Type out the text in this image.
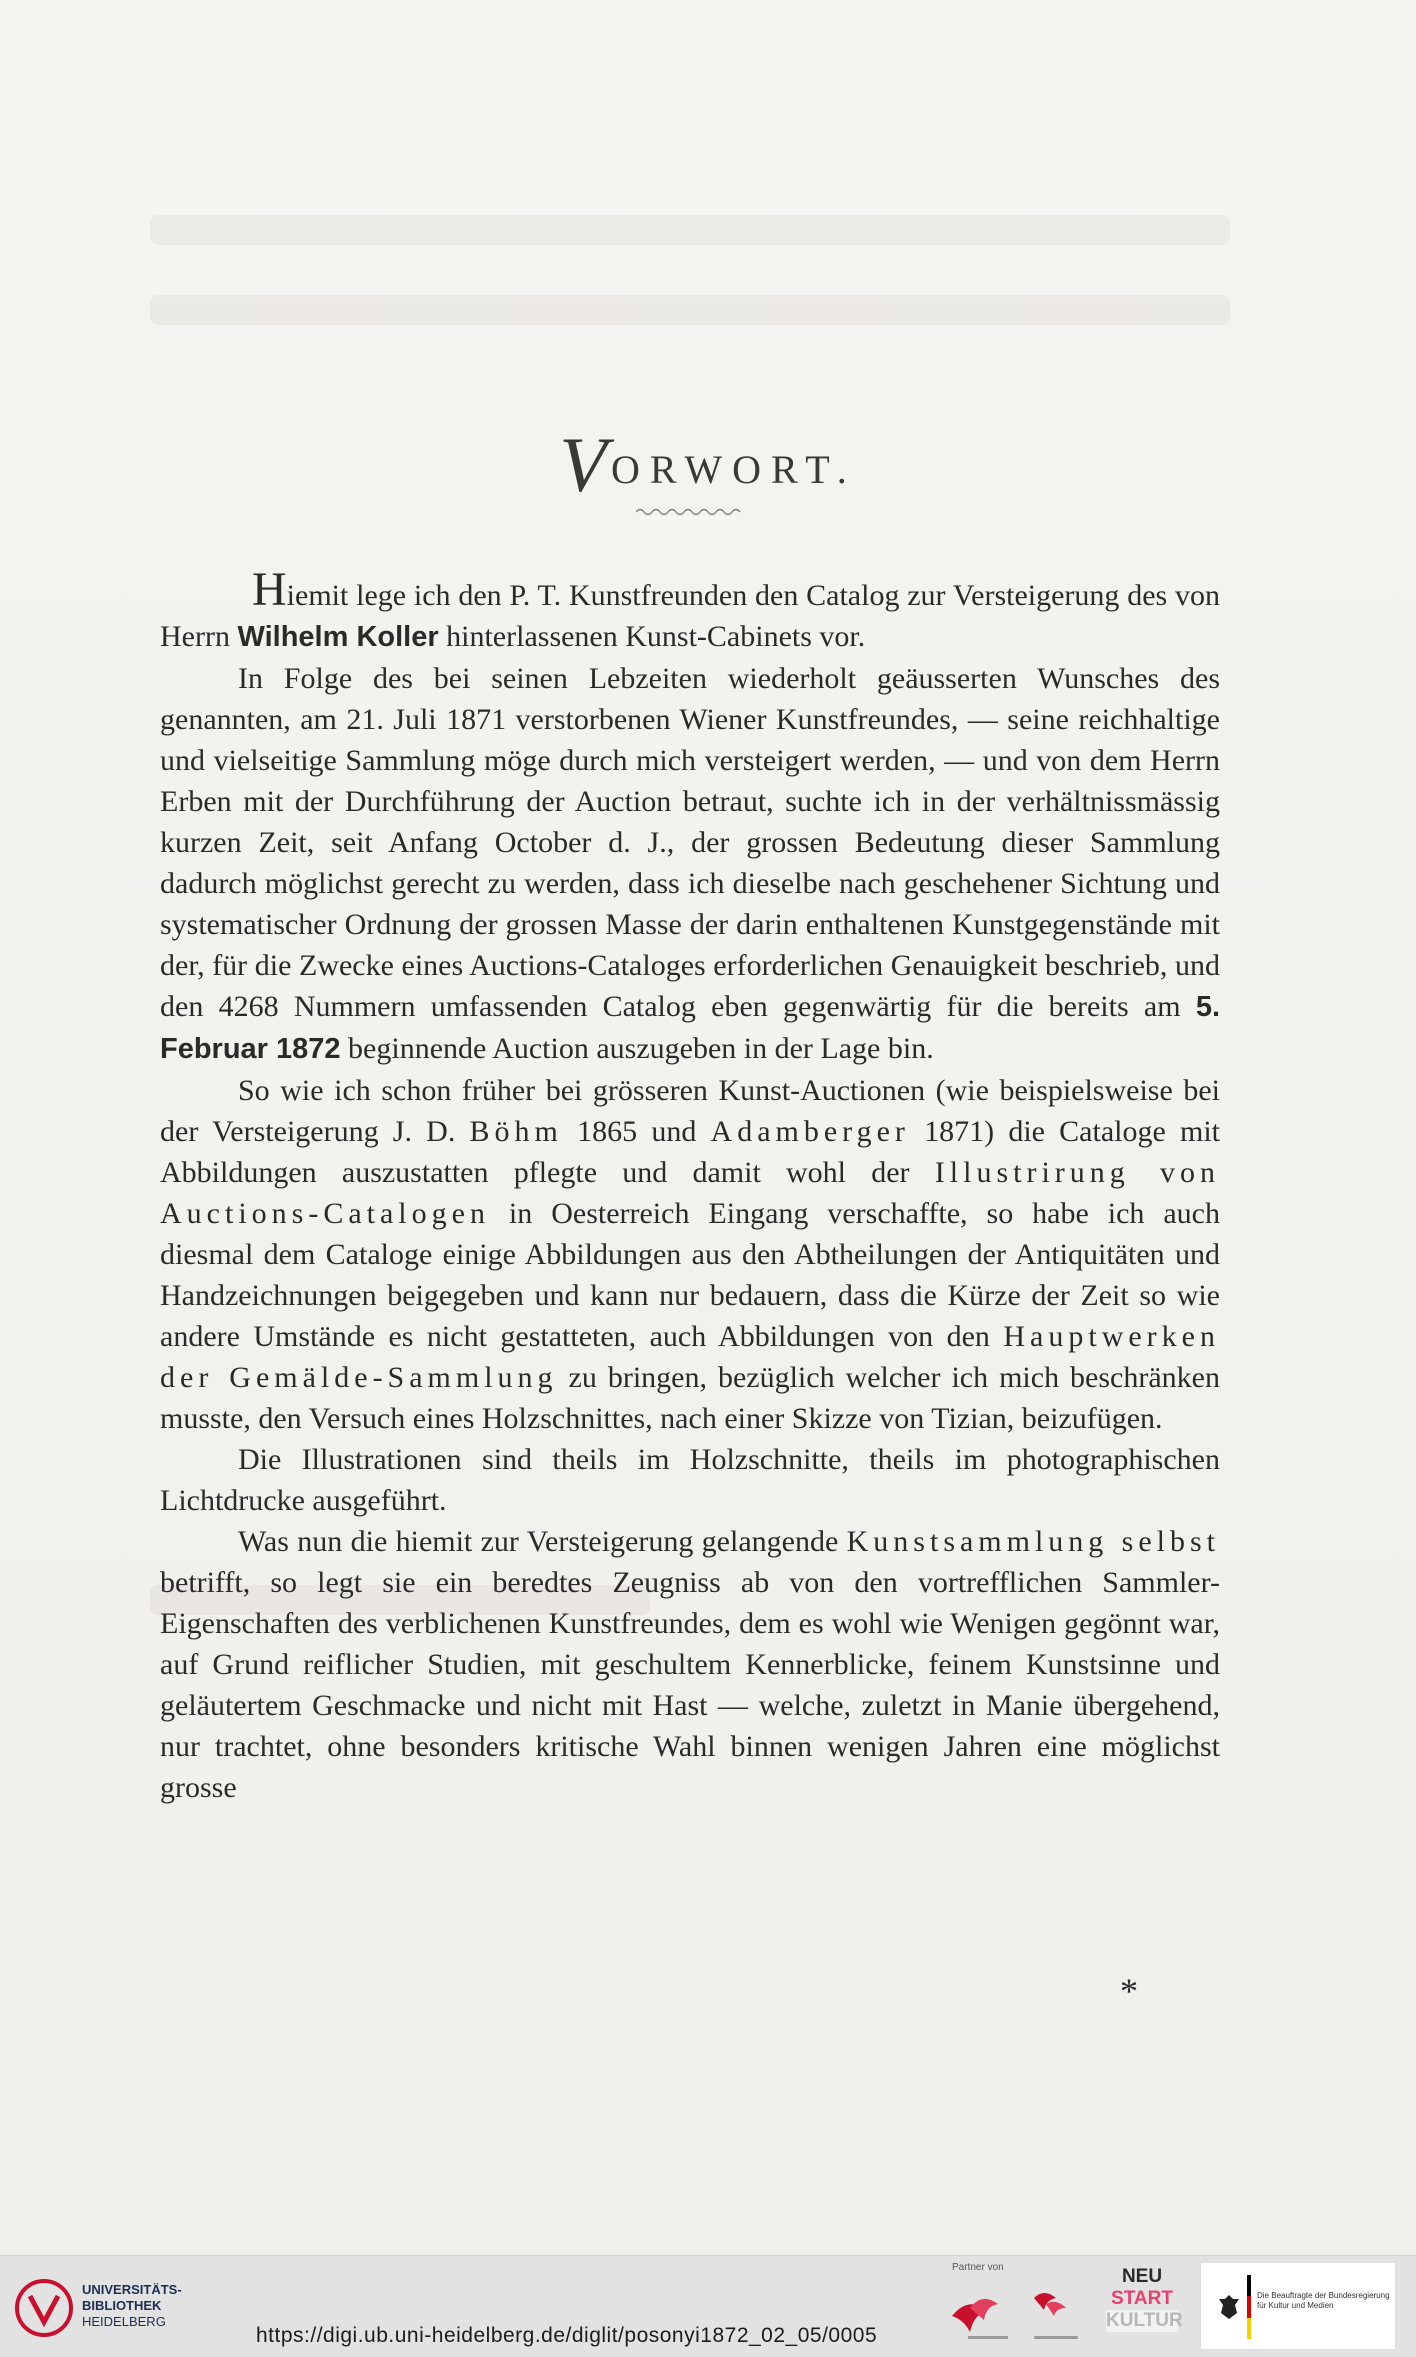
VORWORT.

Hiemit lege ich den P. T. Kunstfreunden den Catalog zur Versteigerung des von Herrn Wilhelm Koller hinterlassenen Kunst-Cabinets vor.

In Folge des bei seinen Lebzeiten wiederholt geäusserten Wunsches des genannten, am 21. Juli 1871 verstorbenen Wiener Kunstfreundes, — seine reichhaltige und vielseitige Sammlung möge durch mich versteigert werden, — und von dem Herrn Erben mit der Durchführung der Auction betraut, suchte ich in der verhältnissmässig kurzen Zeit, seit Anfang October d. J., der grossen Bedeutung dieser Sammlung dadurch möglichst gerecht zu werden, dass ich dieselbe nach geschehener Sichtung und systematischer Ordnung der grossen Masse der darin enthaltenen Kunstgegenstände mit der, für die Zwecke eines Auctions-Cataloges erforderlichen Genauigkeit beschrieb, und den 4268 Nummern umfassenden Catalog eben gegenwärtig für die bereits am 5. Februar 1872 beginnende Auction auszugeben in der Lage bin.

So wie ich schon früher bei grösseren Kunst-Auctionen (wie beispielsweise bei der Versteigerung J. D. Böhm 1865 und Adamberger 1871) die Cataloge mit Abbildungen auszustatten pflegte und damit wohl der Illustrirung von Auctions-Catalogen in Oesterreich Eingang verschaffte, so habe ich auch diesmal dem Cataloge einige Abbildungen aus den Abtheilungen der Antiquitäten und Handzeichnungen beigegeben und kann nur bedauern, dass die Kürze der Zeit so wie andere Umstände es nicht gestatteten, auch Abbildungen von den Hauptwerken der Gemälde-Sammlung zu bringen, bezüglich welcher ich mich beschränken musste, den Versuch eines Holzschnittes, nach einer Skizze von Tizian, beizufügen.

Die Illustrationen sind theils im Holzschnitte, theils im photographischen Lichtdrucke ausgeführt.

Was nun die hiemit zur Versteigerung gelangende Kunstsammlung selbst betrifft, so legt sie ein beredtes Zeugniss ab von den vortrefflichen Sammler-Eigenschaften des verblichenen Kunstfreundes, dem es wohl wie Wenigen gegönnt war, auf Grund reiflicher Studien, mit geschultem Kennerblicke, feinem Kunstsinne und geläutertem Geschmacke und nicht mit Hast — welche, zuletzt in Manie übergehend, nur trachtet, ohne besonders kritische Wahl binnen wenigen Jahren eine möglichst grosse

*
UNIVERSITÄTS-
BIBLIOTHEK
HEIDELBERG
Partner von	NEU
START
KULTUR
Die Beauftragte der Bundesregierung für Kultur und Medien
https://digi.ub.uni-heidelberg.de/diglit/posonyi1872_02_05/0005
